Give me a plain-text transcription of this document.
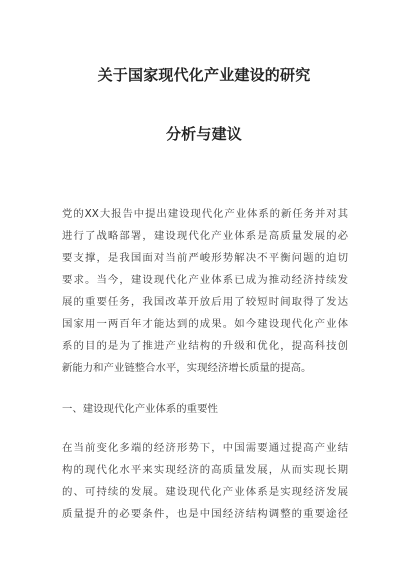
关于国家现代化产业建设的研究
分析与建议
党的XX大报告中提出建设现代化产业体系的新任务并对其
进行了战略部署，建设现代化产业体系是高质量发展的必
要支撑，是我国面对当前严峻形势解决不平衡问题的迫切
要求。当今，建设现代化产业体系已成为推动经济持续发
展的重要任务，我国改革开放后用了较短时间取得了发达
国家用一两百年才能达到的成果。如今建设现代化产业体
系的目的是为了推进产业结构的升级和优化，提高科技创
新能力和产业链整合水平，实现经济增长质量的提高。
一、建设现代化产业体系的重要性
在当前变化多端的经济形势下，中国需要通过提高产业结
构的现代化水平来实现经济的高质量发展，从而实现长期
的、可持续的发展。建设现代化产业体系是实现经济发展
质量提升的必要条件，也是中国经济结构调整的重要途径
